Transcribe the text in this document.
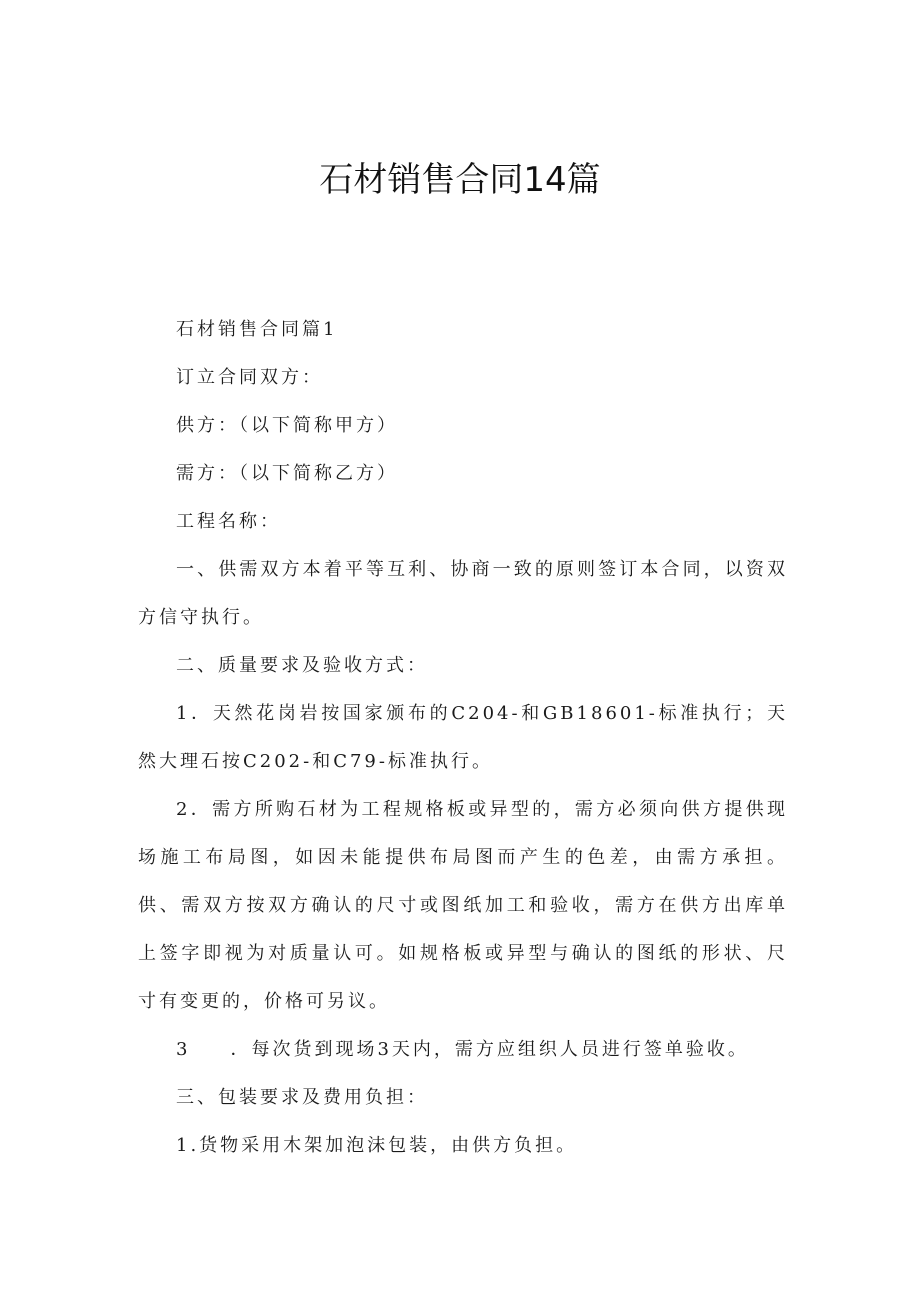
石材销售合同14篇

石材销售合同篇1

订立合同双方：

供方：（以下简称甲方）

需方：（以下简称乙方）

工程名称：

一、供需双方本着平等互利、协商一致的原则签订本合同，以资双方信守执行。

二、质量要求及验收方式：

1．天然花岗岩按国家颁布的C204-和GB18601-标准执行；天然大理石按C202-和C79-标准执行。

2．需方所购石材为工程规格板或异型的，需方必须向供方提供现场施工布局图，如因未能提供布局图而产生的色差，由需方承担。供、需双方按双方确认的尺寸或图纸加工和验收，需方在供方出库单上签字即视为对质量认可。如规格板或异型与确认的图纸的形状、尺寸有变更的，价格可另议。

3 ．每次货到现场3天内，需方应组织人员进行签单验收。

三、包装要求及费用负担：

1.货物采用木架加泡沫包装，由供方负担。
